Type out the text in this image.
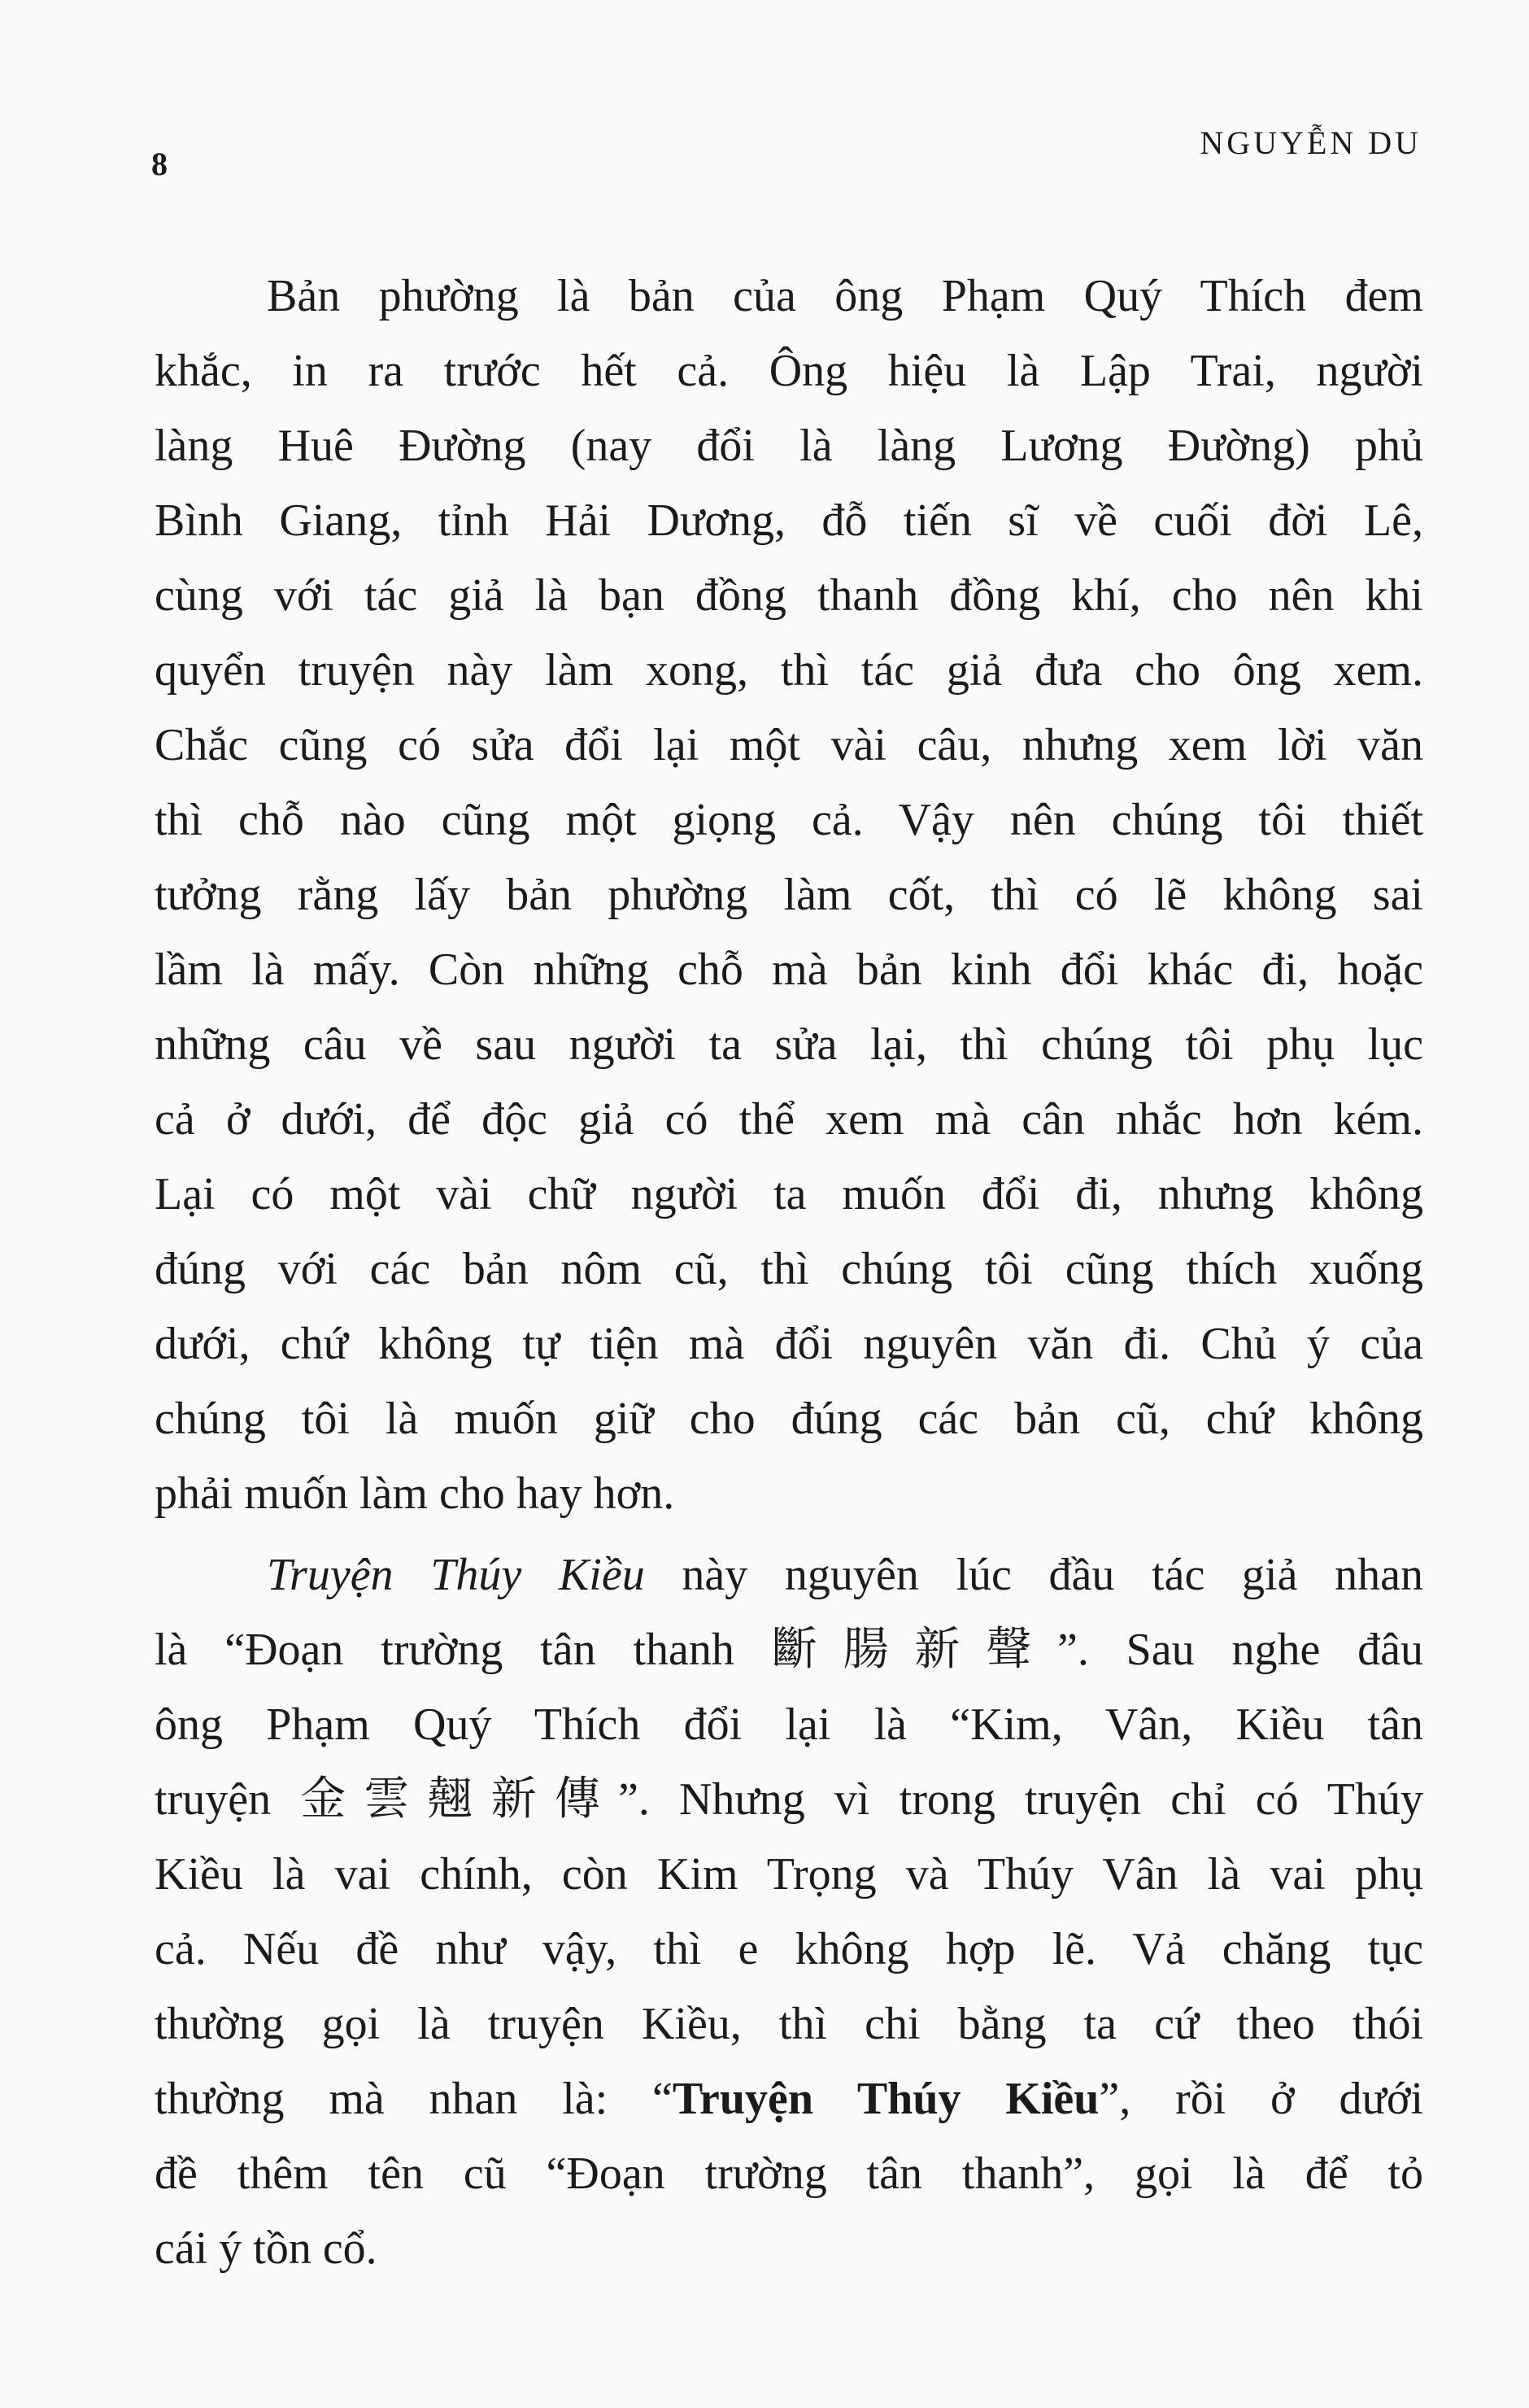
8
NGUYỄN DU
Bản phường là bản của ông Phạm Quý Thích đem
khắc, in ra trước hết cả. Ông hiệu là Lập Trai, người
làng Huê Đường (nay đổi là làng Lương Đường) phủ
Bình Giang, tỉnh Hải Dương, đỗ tiến sĩ về cuối đời Lê,
cùng với tác giả là bạn đồng thanh đồng khí, cho nên khi
quyển truyện này làm xong, thì tác giả đưa cho ông xem.
Chắc cũng có sửa đổi lại một vài câu, nhưng xem lời văn
thì chỗ nào cũng một giọng cả. Vậy nên chúng tôi thiết
tưởng rằng lấy bản phường làm cốt, thì có lẽ không sai
lầm là mấy. Còn những chỗ mà bản kinh đổi khác đi, hoặc
những câu về sau người ta sửa lại, thì chúng tôi phụ lục
cả ở dưới, để độc giả có thể xem mà cân nhắc hơn kém.
Lại có một vài chữ người ta muốn đổi đi, nhưng không
đúng với các bản nôm cũ, thì chúng tôi cũng thích xuống
dưới, chứ không tự tiện mà đổi nguyên văn đi. Chủ ý của
chúng tôi là muốn giữ cho đúng các bản cũ, chứ không
phải muốn làm cho hay hơn.
Truyện Thúy Kiều này nguyên lúc đầu tác giả nhan
là “Đoạn trường tân thanh 斷腸新聲”. Sau nghe đâu
ông Phạm Quý Thích đổi lại là “Kim, Vân, Kiều tân
truyện 金雲翹新傳”. Nhưng vì trong truyện chỉ có Thúy
Kiều là vai chính, còn Kim Trọng và Thúy Vân là vai phụ
cả. Nếu đề như vậy, thì e không hợp lẽ. Vả chăng tục
thường gọi là truyện Kiều, thì chi bằng ta cứ theo thói
thường mà nhan là: “Truyện Thúy Kiều”, rồi ở dưới
đề thêm tên cũ “Đoạn trường tân thanh”, gọi là để tỏ
cái ý tồn cổ.
